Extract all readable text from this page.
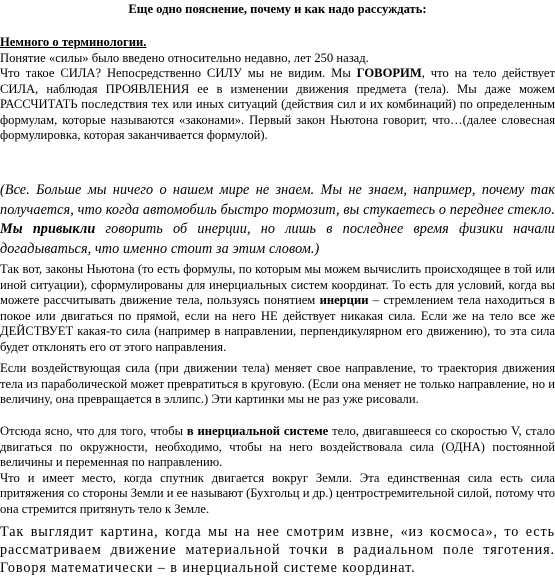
Еще одно пояснение, почему и как надо рассуждать:

Немного о терминологии.

Понятие «силы» было введено относительно недавно, лет 250 назад.

Что такое СИЛА? Непосредственно СИЛУ мы не видим. Мы ГОВОРИМ, что на тело действует СИЛА, наблюдая ПРОЯВЛЕНИЯ ее в изменении движения предмета (тела). Мы даже можем РАССЧИТАТЬ последствия тех или иных ситуаций (действия сил и их комбинаций) по определенным формулам, которые называются «законами». Первый закон Ньютона говорит, что…(далее словесная формулировка, которая заканчивается формулой).

(Все. Больше мы ничего о нашем мире не знаем. Мы не знаем, например, почему так получается, что когда автомобиль быстро тормозит, вы стукаетесь о переднее стекло. Мы привыкли говорить об инерции, но лишь в последнее время физики начали догадываться, что именно стоит за этим словом.)

Так вот, законы Ньютона (то есть формулы, по которым мы можем вычислить происходящее в той или иной ситуации), сформулированы для инерциальных систем координат. То есть для условий, когда вы можете рассчитывать движение тела, пользуясь понятием инерции – стремлением тела находиться в покое или двигаться по прямой, если на него НЕ действует никакая сила. Если же на тело все же ДЕЙСТВУЕТ какая-то сила (например в направлении, перпендикулярном его движению), то эта сила будет отклонять его от этого направления.

Если воздействующая сила (при движении тела) меняет свое направление, то траектория движения тела из параболической может превратиться в круговую. (Если она меняет не только направление, но и величину, она превращается в эллипс.) Эти картинки мы не раз уже рисовали.

Отсюда ясно, что для того, чтобы в инерциальной системе тело, двигавшееся со скоростью V, стало двигаться по окружности, необходимо, чтобы на него воздействовала сила (ОДНА) постоянной величины и переменная по направлению.

Что и имеет место, когда спутник двигается вокруг Земли. Эта единственная сила есть сила притяжения со стороны Земли и ее называют (Бухгольц и др.) центростремительной силой, потому что она стремится притянуть тело к Земле.

Так выглядит картина, когда мы на нее смотрим извне, «из космоса», то есть рассматриваем движение материальной точки в радиальном поле тяготения. Говоря математически – в инерциальной системе координат.
